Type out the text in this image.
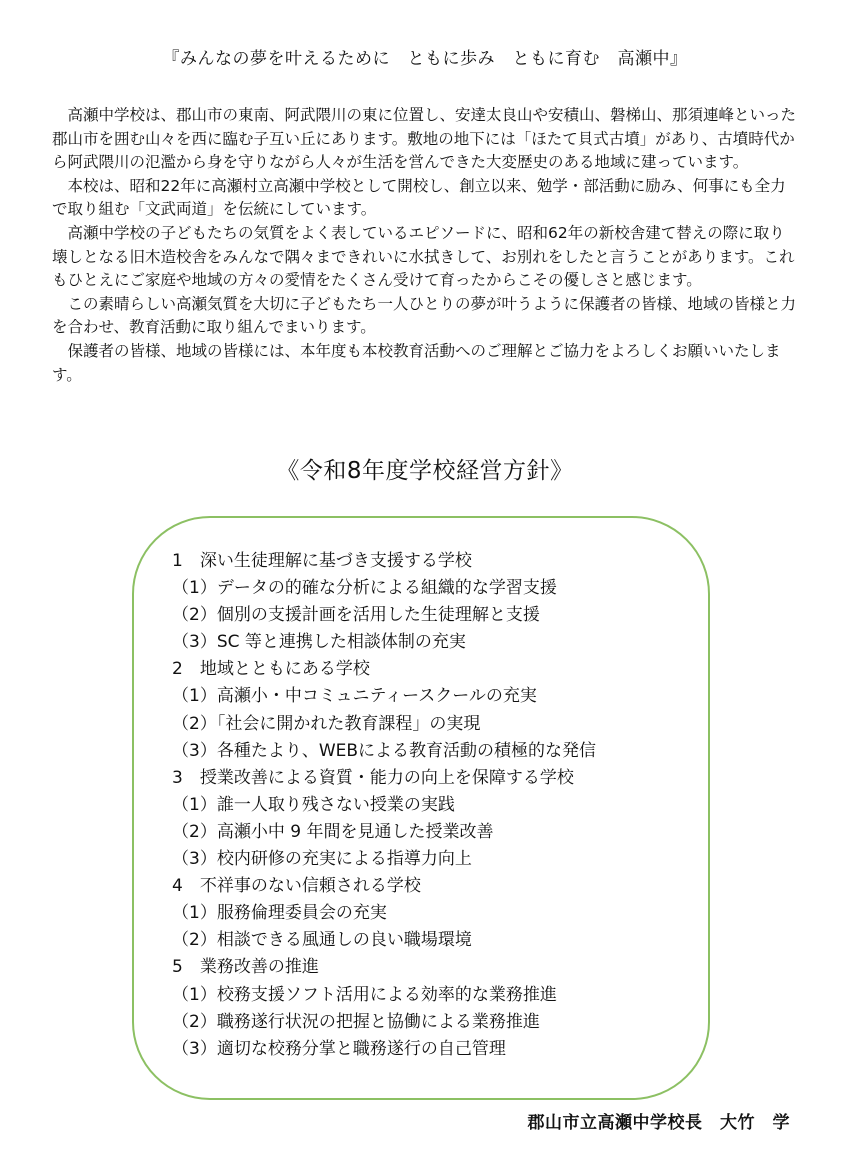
『みんなの夢を叶えるために　ともに歩み　ともに育む　高瀬中』

高瀬中学校は、郡山市の東南、阿武隈川の東に位置し、安達太良山や安積山、磐梯山、那須連峰といった郡山市を囲む山々を西に臨む子互い丘にあります。敷地の地下には「ほたて貝式古墳」があり、古墳時代から阿武隈川の氾濫から身を守りながら人々が生活を営んできた大変歴史のある地域に建っています。

本校は、昭和22年に高瀬村立高瀬中学校として開校し、創立以来、勉学・部活動に励み、何事にも全力で取り組む「文武両道」を伝統にしています。

高瀬中学校の子どもたちの気質をよく表しているエピソードに、昭和62年の新校舎建て替えの際に取り壊しとなる旧木造校舎をみんなで隅々まできれいに水拭きして、お別れをしたと言うことがあります。これもひとえにご家庭や地域の方々の愛情をたくさん受けて育ったからこその優しさと感じます。

この素晴らしい高瀬気質を大切に子どもたち一人ひとりの夢が叶うように保護者の皆様、地域の皆様と力を合わせ、教育活動に取り組んでまいります。

保護者の皆様、地域の皆様には、本年度も本校教育活動へのご理解とご協力をよろしくお願いいたします。

《令和8年度学校経営方針》
1　深い生徒理解に基づき支援する学校
（1）データの的確な分析による組織的な学習支援
（2）個別の支援計画を活用した生徒理解と支援
（3）SC 等と連携した相談体制の充実
2　地域とともにある学校
（1）高瀬小・中コミュニティースクールの充実
（2）「社会に開かれた教育課程」の実現
（3）各種たより、WEBによる教育活動の積極的な発信
3　授業改善による資質・能力の向上を保障する学校
（1）誰一人取り残さない授業の実践
（2）高瀬小中 9 年間を見通した授業改善
（3）校内研修の充実による指導力向上
4　不祥事のない信頼される学校
（1）服務倫理委員会の充実
（2）相談できる風通しの良い職場環境
5　業務改善の推進
（1）校務支援ソフト活用による効率的な業務推進
（2）職務遂行状況の把握と協働による業務推進
（3）適切な校務分掌と職務遂行の自己管理
郡山市立高瀬中学校長　大竹　学
